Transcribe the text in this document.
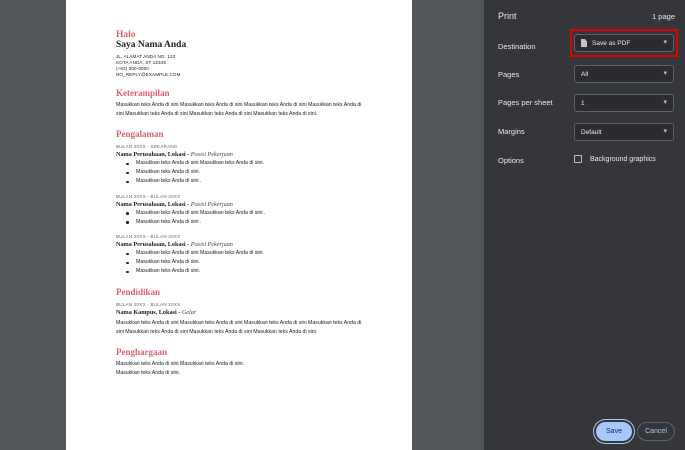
Halo
Saya Nama Anda
JL. ALAMAT ANDA NO. 123
KOTA ANDA, ST 12345
(+62) 000-0000
NO_REPLY@EXAMPLE.COM
Keterampilan
Masukkan teks Anda di sini Masukkan teks Anda di sini Masukkan teks Anda di sini Masukkan teks Anda di sini Masukkan teks Anda di sini Masukkan teks Anda di sini Masukkan teks Anda di sini.
Pengalaman
BULAN 20XX - SEKARANG
Nama Perusahaan, Lokasi - Posisi Pekerjaan
Masukkan teks Anda di sini Masukkan teks Anda di sini.
Masukkan teks Anda di sini.
Masukkan teks Anda di sini .
BULAN 20XX - BULAN 20XX
Nama Perusahaan, Lokasi - Posisi Pekerjaan
Masukkan teks Anda di sini Masukkan teks Anda di sini .
Masukkan teks Anda di sini .
BULAN 20XX - BULAN 20XX
Nama Perusahaan, Lokasi - Posisi Pekerjaan
Masukkan teks Anda di sini Masukkan teks Anda di sini.
Masukkan teks Anda di sini.
Masukkan teks Anda di sini.
Pendidikan
BULAN 20XX - BULAN 20XX
Nama Kampus, Lokasi - Gelar
Masukkan teks Anda di sini Masukkan teks Anda di sini Masukkan teks Anda di sini Masukkan teks Anda di sini Masukkan teks Anda di sini Masukkan teks Anda di sini Masukkan teks Anda di sini.
Penghargaan
Masukkan teks Anda di sini Masukkan teks Anda di sini.
Masukkan teks Anda di sini.
Print	1 page
Destination	Save as PDF	▾
Pages	All	▾
Pages per sheet	1	▾
Margins	Default	▾
Options	Background graphics
Save	Cancel
